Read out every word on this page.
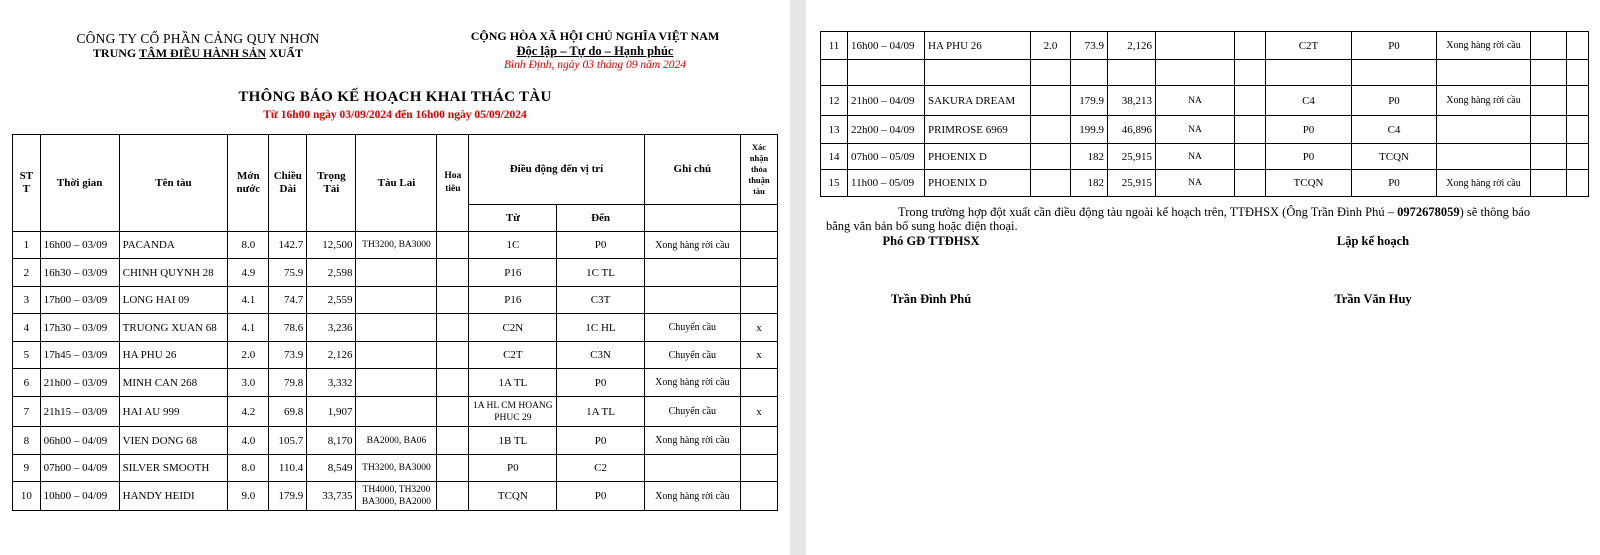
CÔNG TY CỔ PHẦN CẢNG QUY NHƠN
TRUNG TÂM ĐIỀU HÀNH SẢN XUẤT
CỘNG HÒA XÃ HỘI CHỦ NGHĨA VIỆT NAM
Độc lập – Tự do – Hạnh phúc
Bình Định, ngày 03 tháng 09 năm 2024
THÔNG BÁO KẾ HOẠCH KHAI THÁC TÀU
Từ 16h00 ngày 03/09/2024 đến 16h00 ngày 05/09/2024
ST T	Thời gian	Tên tàu	Mớn nước	Chiều Dài	Trọng Tải	Tàu Lai	Hoa tiêu	Điều động đến vị trí		Ghi chú	Xác nhận thỏa thuận tàu
								Từ	Đến		
1	16h00 – 03/09	PACANDA	8.0	142.7	12,500	TH3200, BA3000		1C	P0	Xong hàng rời cầu	
2	16h30 – 03/09	CHINH QUYNH 28	4.9	75.9	2,598			P16	1C TL		
3	17h00 – 03/09	LONG HAI 09	4.1	74.7	2,559			P16	C3T		
4	17h30 – 03/09	TRUONG XUAN 68	4.1	78.6	3,236			C2N	1C HL	Chuyển cầu	x
5	17h45 – 03/09	HA PHU 26	2.0	73.9	2,126			C2T	C3N	Chuyển cầu	x
6	21h00 – 03/09	MINH CAN 268	3.0	79.8	3,332			1A TL	P0	Xong hàng rời cầu	
7	21h15 – 03/09	HAI AU 999	4.2	69.8	1,907			1A HL CM HOANG PHUC 29	1A TL	Chuyển cầu	x
8	06h00 – 04/09	VIEN DONG 68	4.0	105.7	8,170	BA2000, BA06		1B TL	P0	Xong hàng rời cầu	
9	07h00 – 04/09	SILVER SMOOTH	8.0	110.4	8,549	TH3200, BA3000		P0	C2		
10	10h00 – 04/09	HANDY HEIDI	9.0	179.9	33,735	TH4000, TH3200 BA3000, BA2000		TCQN	P0	Xong hàng rời cầu	
11	16h00 – 04/09	HA PHU 26	2.0	73.9	2,126			C2T	P0	Xong hàng rời cầu		

12	21h00 – 04/09	SAKURA DREAM		179.9	38,213	NA		C4	P0	Xong hàng rời cầu		
13	22h00 – 04/09	PRIMROSE 6969		199.9	46,896	NA		P0	C4			
14	07h00 – 05/09	PHOENIX D		182	25,915	NA		P0	TCQN			
15	11h00 – 05/09	PHOENIX D		182	25,915	NA		TCQN	P0	Xong hàng rời cầu		
Trong trường hợp đột xuất cần điều động tàu ngoài kế hoạch trên, TTĐHSX (Ông Trần Đình Phú – 0972678059) sẽ thông báo
bằng văn bản bổ sung hoặc điện thoại.
Phó GĐ TTĐHSX	Lập kế hoạch
Trần Đình Phú	Trần Văn Huy
